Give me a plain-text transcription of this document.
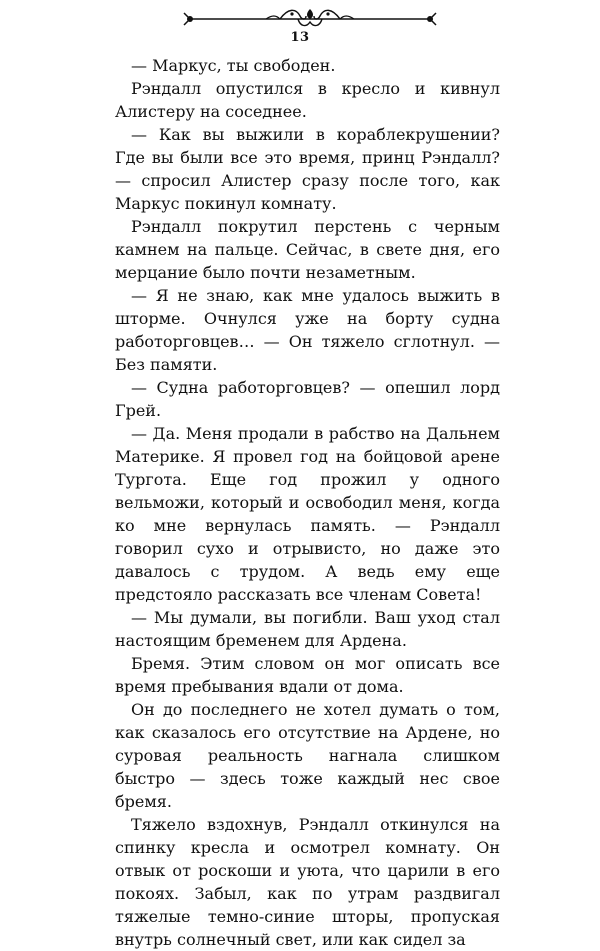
13

— Маркус, ты свободен.

Рэндалл опустился в кресло и кивнул Алистеру на соседнее.

— Как вы выжили в кораблекрушении? Где вы были все это время, принц Рэндалл? — спросил Алистер сразу после того, как Маркус покинул комнату.

Рэндалл покрутил перстень с черным камнем на пальце. Сейчас, в свете дня, его мерцание было почти незаметным.

— Я не знаю, как мне удалось выжить в шторме. Очнулся уже на борту судна работорговцев… — Он тяжело сглотнул. — Без памяти.

— Судна работорговцев? — опешил лорд Грей.

— Да. Меня продали в рабство на Дальнем Материке. Я провел год на бойцовой арене Тургота. Еще год прожил у одного вельможи, который и освободил меня, когда ко мне вернулась память. — Рэндалл говорил сухо и отрывисто, но даже это давалось с трудом. А ведь ему еще предстояло рассказать все членам Совета!

— Мы думали, вы погибли. Ваш уход стал настоящим бременем для Ардена.

Бремя. Этим словом он мог описать все время пребывания вдали от дома.

Он до последнего не хотел думать о том, как сказалось его отсутствие на Ардене, но суровая реальность нагнала слишком быстро — здесь тоже каждый нес свое бремя.

Тяжело вздохнув, Рэндалл откинулся на спинку кресла и осмотрел комнату. Он отвык от роскоши и уюта, что царили в его покоях. Забыл, как по утрам раздвигал тяжелые темно-синие шторы, пропуская внутрь солнечный свет, или как сидел за
